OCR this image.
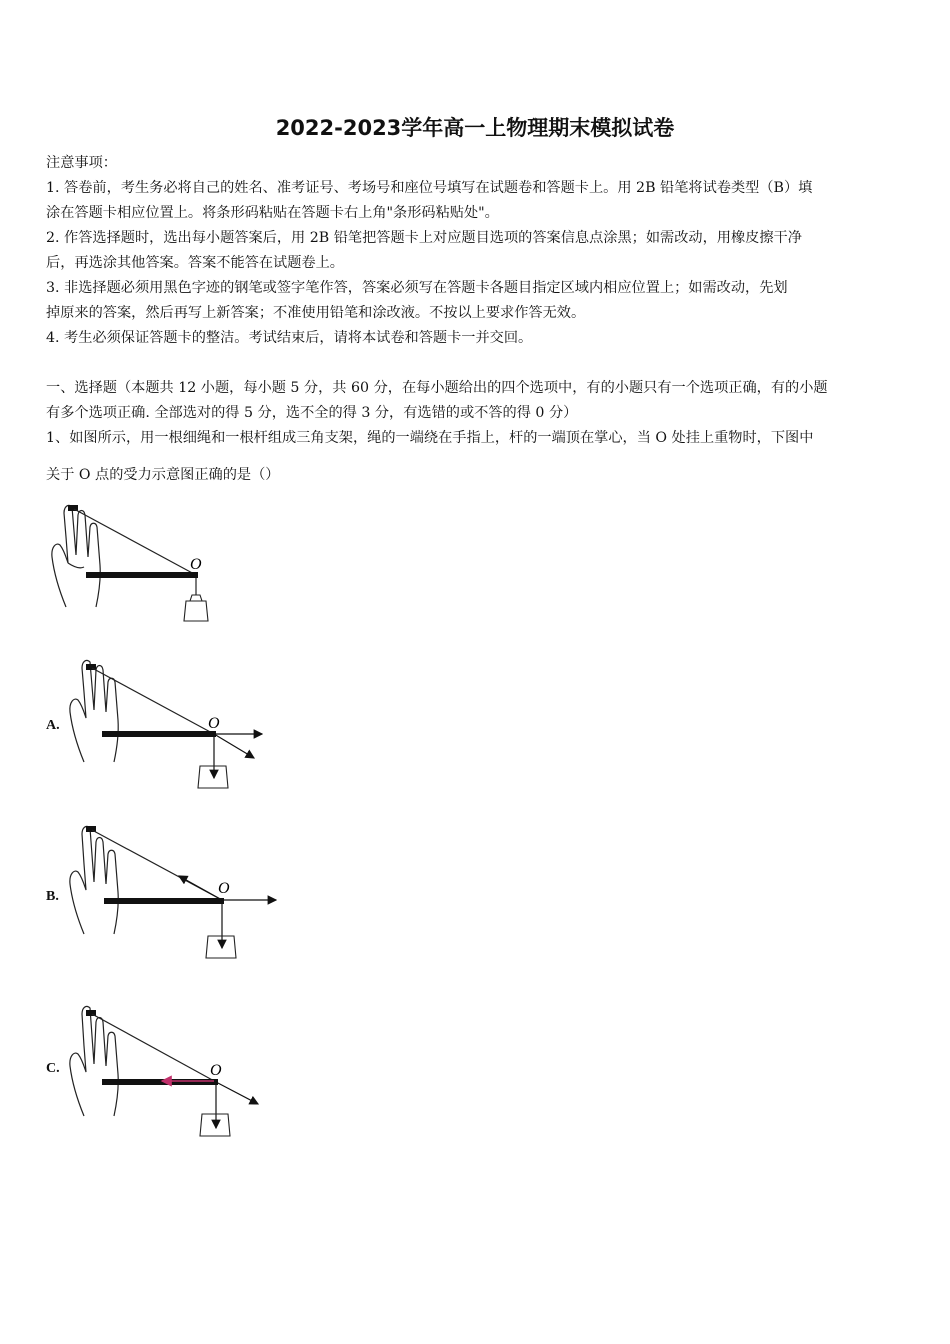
2022-2023学年高一上物理期末模拟试卷
注意事项：
1. 答卷前，考生务必将自己的姓名、准考证号、考场号和座位号填写在试题卷和答题卡上。用 2B 铅笔将试卷类型（B）填
涂在答题卡相应位置上。将条形码粘贴在答题卡右上角"条形码粘贴处"。
2. 作答选择题时，选出每小题答案后，用 2B 铅笔把答题卡上对应题目选项的答案信息点涂黑；如需改动，用橡皮擦干净
后，再选涂其他答案。答案不能答在试题卷上。
3. 非选择题必须用黑色字迹的钢笔或签字笔作答，答案必须写在答题卡各题目指定区域内相应位置上；如需改动，先划
掉原来的答案，然后再写上新答案；不准使用铅笔和涂改液。不按以上要求作答无效。
4. 考生必须保证答题卡的整洁。考试结束后，请将本试卷和答题卡一并交回。
一、选择题（本题共 12 小题，每小题 5 分，共 60 分，在每小题给出的四个选项中，有的小题只有一个选项正确，有的小题
有多个选项正确. 全部选对的得 5 分，选不全的得 3 分，有选错的或不答的得 0 分）
1、如图所示，用一根细绳和一根杆组成三角支架，绳的一端绕在手指上，杆的一端顶在掌心，当 O 处挂上重物时，下图中
关于 O 点的受力示意图正确的是（）
O
A.	O
B.	O
C.	O
